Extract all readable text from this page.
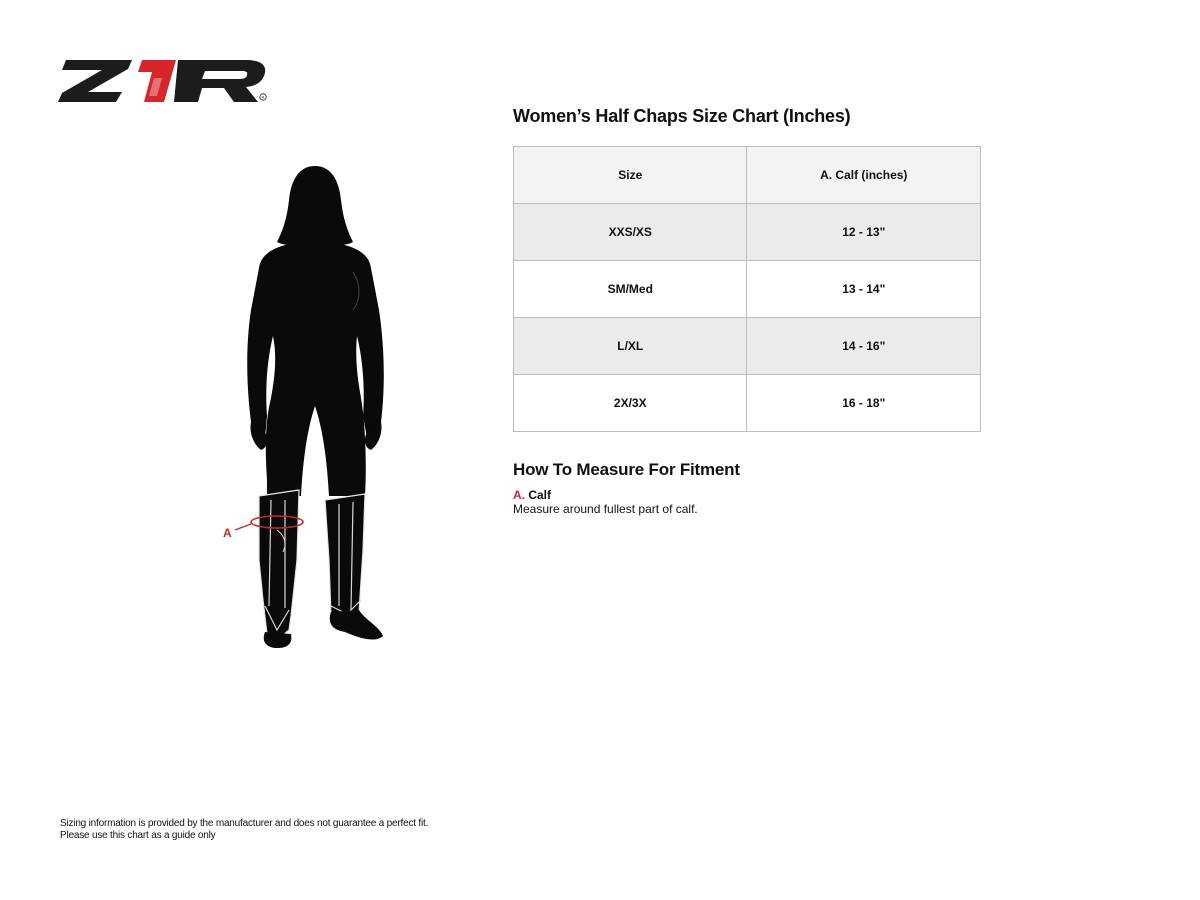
R
A
Women’s Half Chaps Size Chart (Inches)
Size	A. Calf (inches)
XXS/XS	12 - 13"
SM/Med	13 - 14"
L/XL	14 - 16"
2X/3X	16 - 18"
How To Measure For Fitment
A. Calf
Measure around fullest part of calf.
Sizing information is provided by the manufacturer and does not guarantee a perfect fit.
Please use this chart as a guide only
